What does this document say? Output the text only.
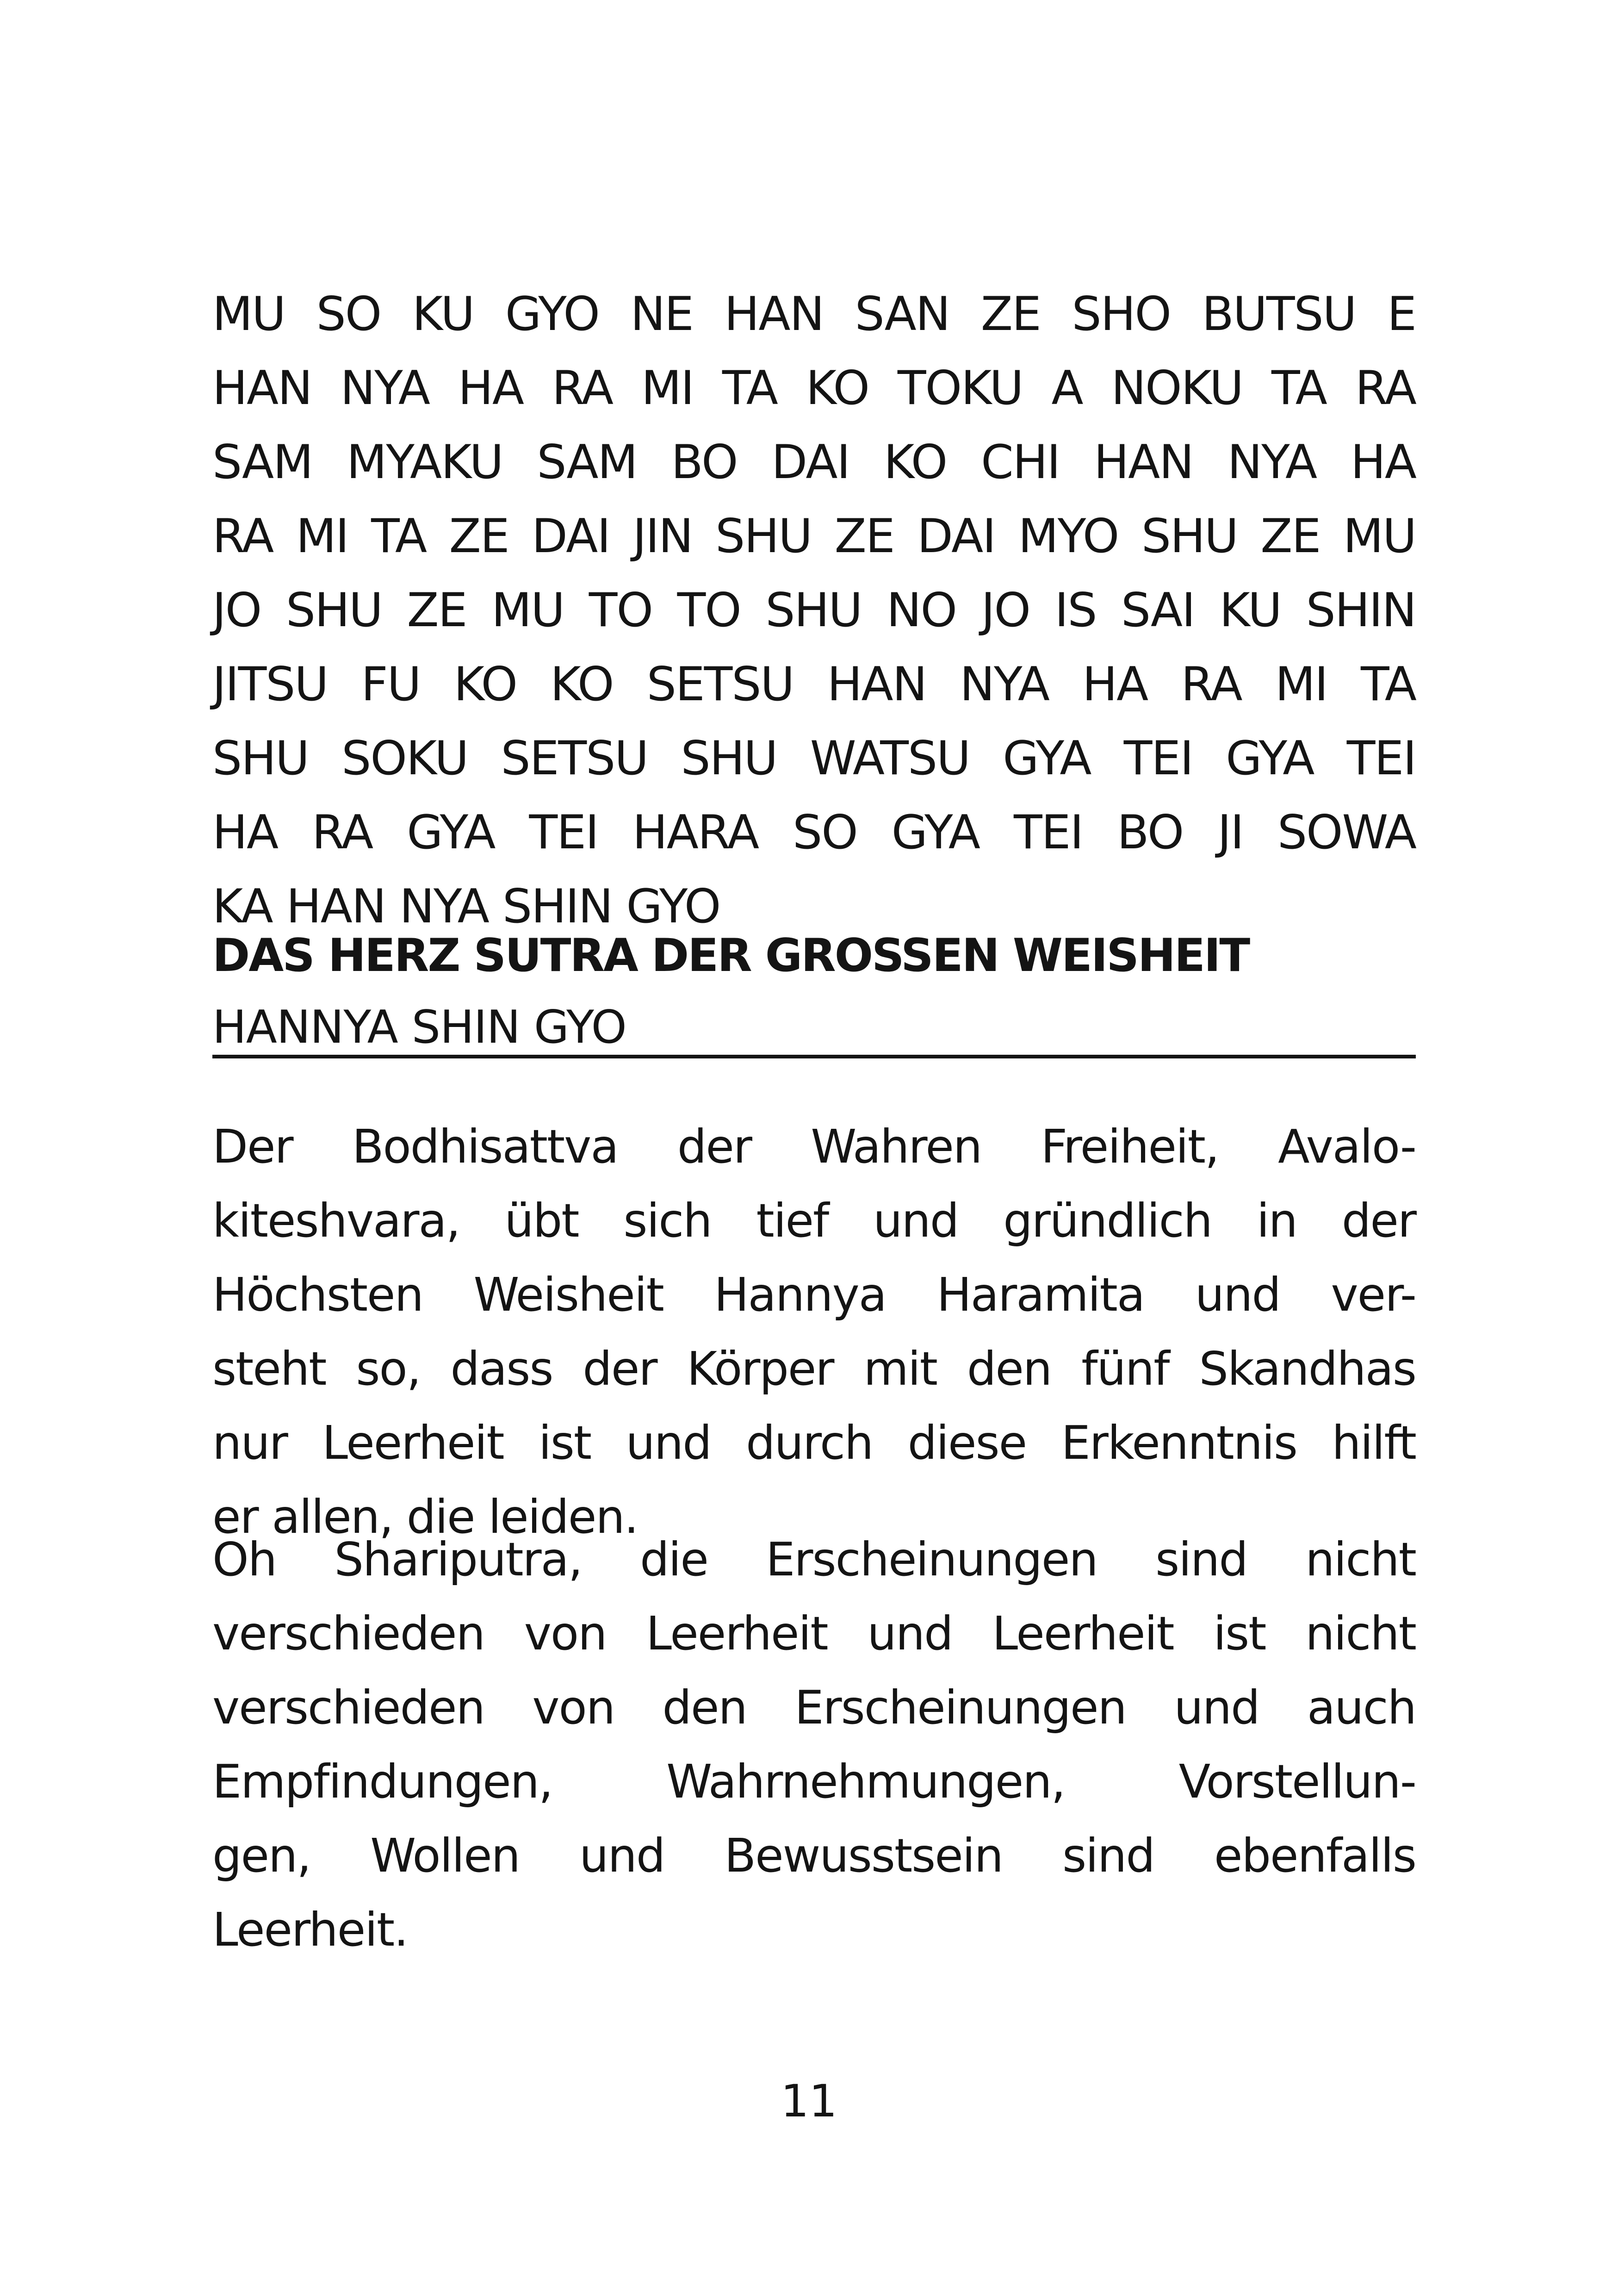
MU SO KU GYO NE HAN SAN ZE SHO BUTSU E
HAN NYA HA RA MI TA KO TOKU A NOKU TA RA
SAM MYAKU SAM BO DAI KO CHI HAN NYA HA
RA MI TA ZE DAI JIN SHU ZE DAI MYO SHU ZE MU
JO SHU ZE MU TO TO SHU NO JO IS SAI KU SHIN
JITSU FU KO KO SETSU HAN NYA HA RA MI TA
SHU SOKU SETSU SHU WATSU GYA TEI GYA TEI
HA RA GYA TEI HARA SO GYA TEI BO JI SOWA
KA HAN NYA SHIN GYO
DAS HERZ SUTRA DER GROSSEN WEISHEIT
HANNYA SHIN GYO
Der Bodhisattva der Wahren Freiheit, Avalo-
kiteshvara, übt sich tief und gründlich in der
Höchsten Weisheit Hannya Haramita und ver-
steht so, dass der Körper mit den fünf Skandhas
nur Leerheit ist und durch diese Erkenntnis hilft
er allen, die leiden.
Oh Shariputra, die Erscheinungen sind nicht
verschieden von Leerheit und Leerheit ist nicht
verschieden von den Erscheinungen und auch
Empfindungen, Wahrnehmungen, Vorstellun-
gen, Wollen und Bewusstsein sind ebenfalls
Leerheit.
11
